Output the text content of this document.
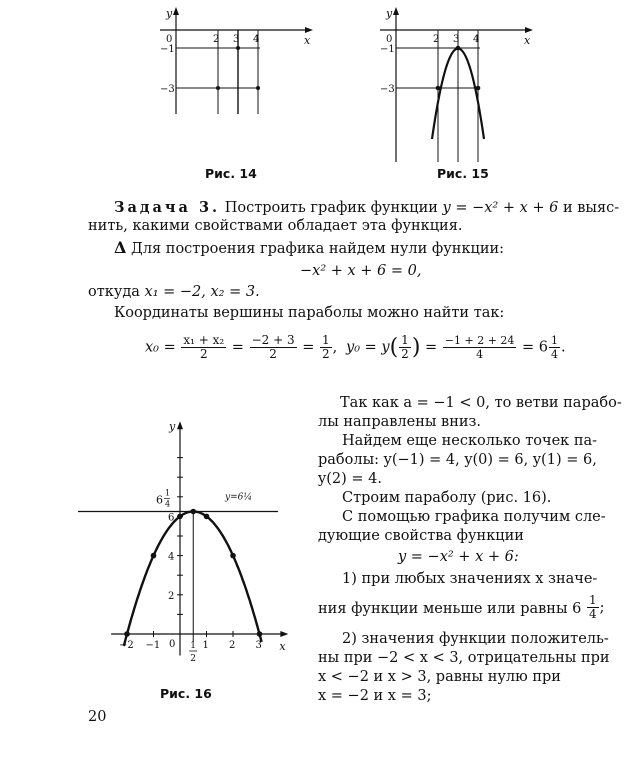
y
x
0	2 3 4
−1
−3
Рис. 14
y
x
0	2 3 4
−1
−3
Рис. 15
Задача 3. Построить график функции y = −x² + x + 6 и выяс-
нить, какими свойствами обладает эта функция.
Δ Для построения графика найдем нули функции:
−x² + x + 6 = 0,
откуда x₁ = −2, x₂ = 3.
Координаты вершины параболы можно найти так:
$x_0 = \frac{\text{x₁ + x₂}}{2} = \frac{-2 + 3}{2} = \frac{1}{2}$ , $y_0 = y( \frac{1}{2}$ ) = $\frac{-1 + 2 + 24}{4} = 6 \frac{1}{4}$ .
y
x
0
−2 −1	1 2 3
1
2
2
4
6
6
1
4
y=6¼
Рис. 16
Так как a = −1 < 0, то ветви парабо-
лы направлены вниз.
Найдем еще несколько точек па-
раболы: y(−1) = 4, y(0) = 6, y(1) = 6,
y(2) = 4.
Строим параболу (рис. 16).
С помощью графика получим сле-
дующие свойства функции
y = −x² + x + 6:
1) при любых значениях x значе-
ния функции меньше или равны 6
2) значения функции положитель-
ны при −2 < x < 3, отрицательны при
x < −2 и x > 3, равны нулю при
x = −2 и x = 3;
$\frac{1}{4}$ ;
20
